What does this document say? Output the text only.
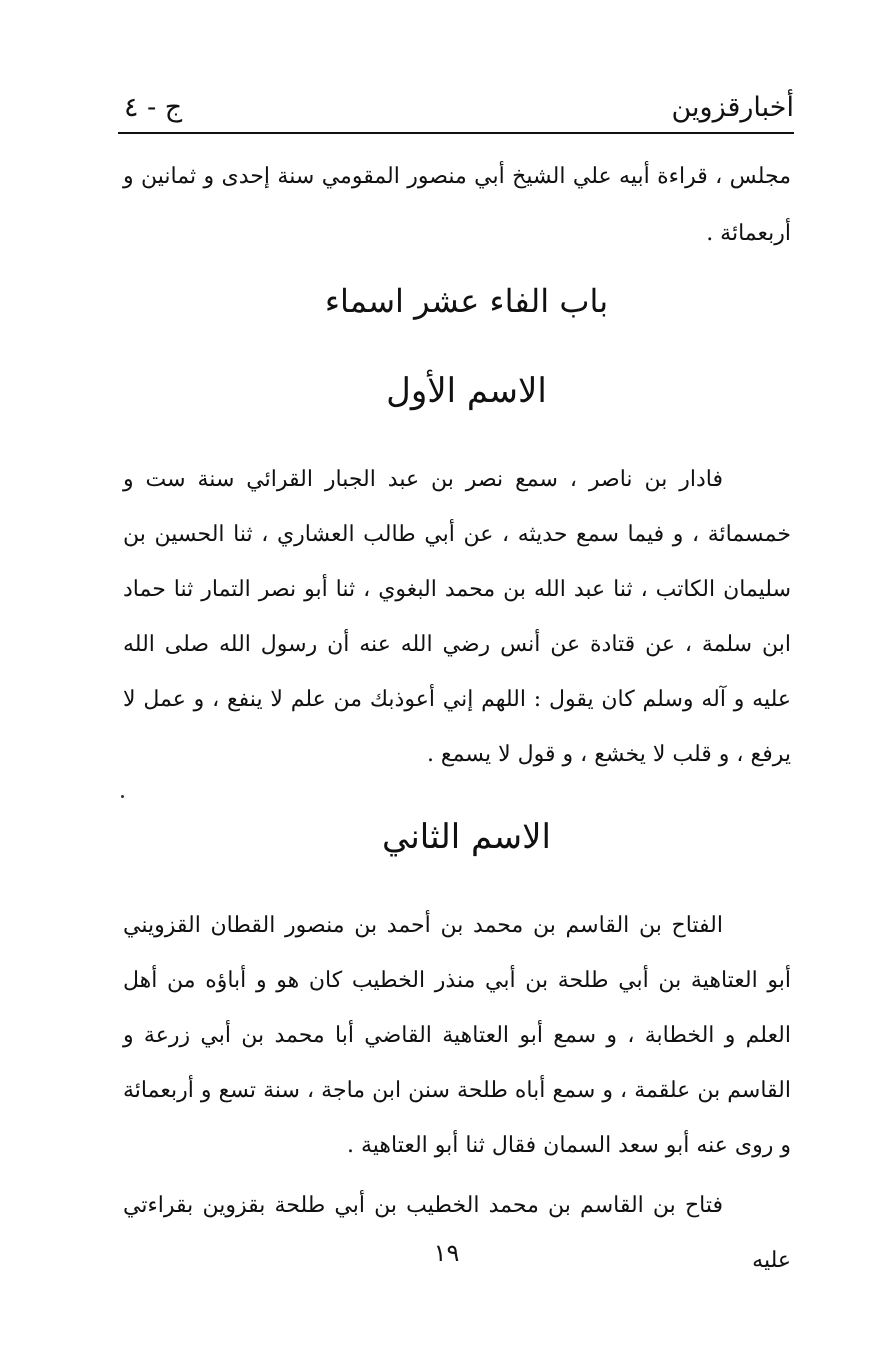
أخبارقزوين
ج - ٤
مجلس ، قراءة أبيه علي الشيخ أبي منصور المقومي سنة إحدى و ثمانين و أربعمائة .
باب الفاء عشر اسماء
الاسم الأول
فادار بن ناصر ، سمع نصر بن عبد الجبار القرائي سنة ست و خمسمائة ، و فيما سمع حديثه ، عن أبي طالب العشاري ، ثنا الحسين بن سليمان الكاتب ، ثنا عبد الله بن محمد البغوي ، ثنا أبو نصر التمار ثنا حماد ابن سلمة ، عن قتادة عن أنس رضي الله عنه أن رسول الله صلى الله عليه و آله وسلم كان يقول : اللهم إني أعوذبك من علم لا ينفع ، و عمل لا يرفع ، و قلب لا يخشع ، و قول لا يسمع .
الاسم الثاني
الفتاح بن القاسم بن محمد بن أحمد بن منصور القطان القزويني أبو العتاهية بن أبي طلحة بن أبي منذر الخطيب كان هو و أباؤه من أهل العلم و الخطابة ، و سمع أبو العتاهية القاضي أبا محمد بن أبي زرعة و القاسم بن علقمة ، و سمع أباه طلحة سنن ابن ماجة ، سنة تسع و أربعمائة و روى عنه أبو سعد السمان فقال ثنا أبو العتاهية .
فتاح بن القاسم بن محمد الخطيب بن أبي طلحة بقزوين بقراءتي عليه
١٩
